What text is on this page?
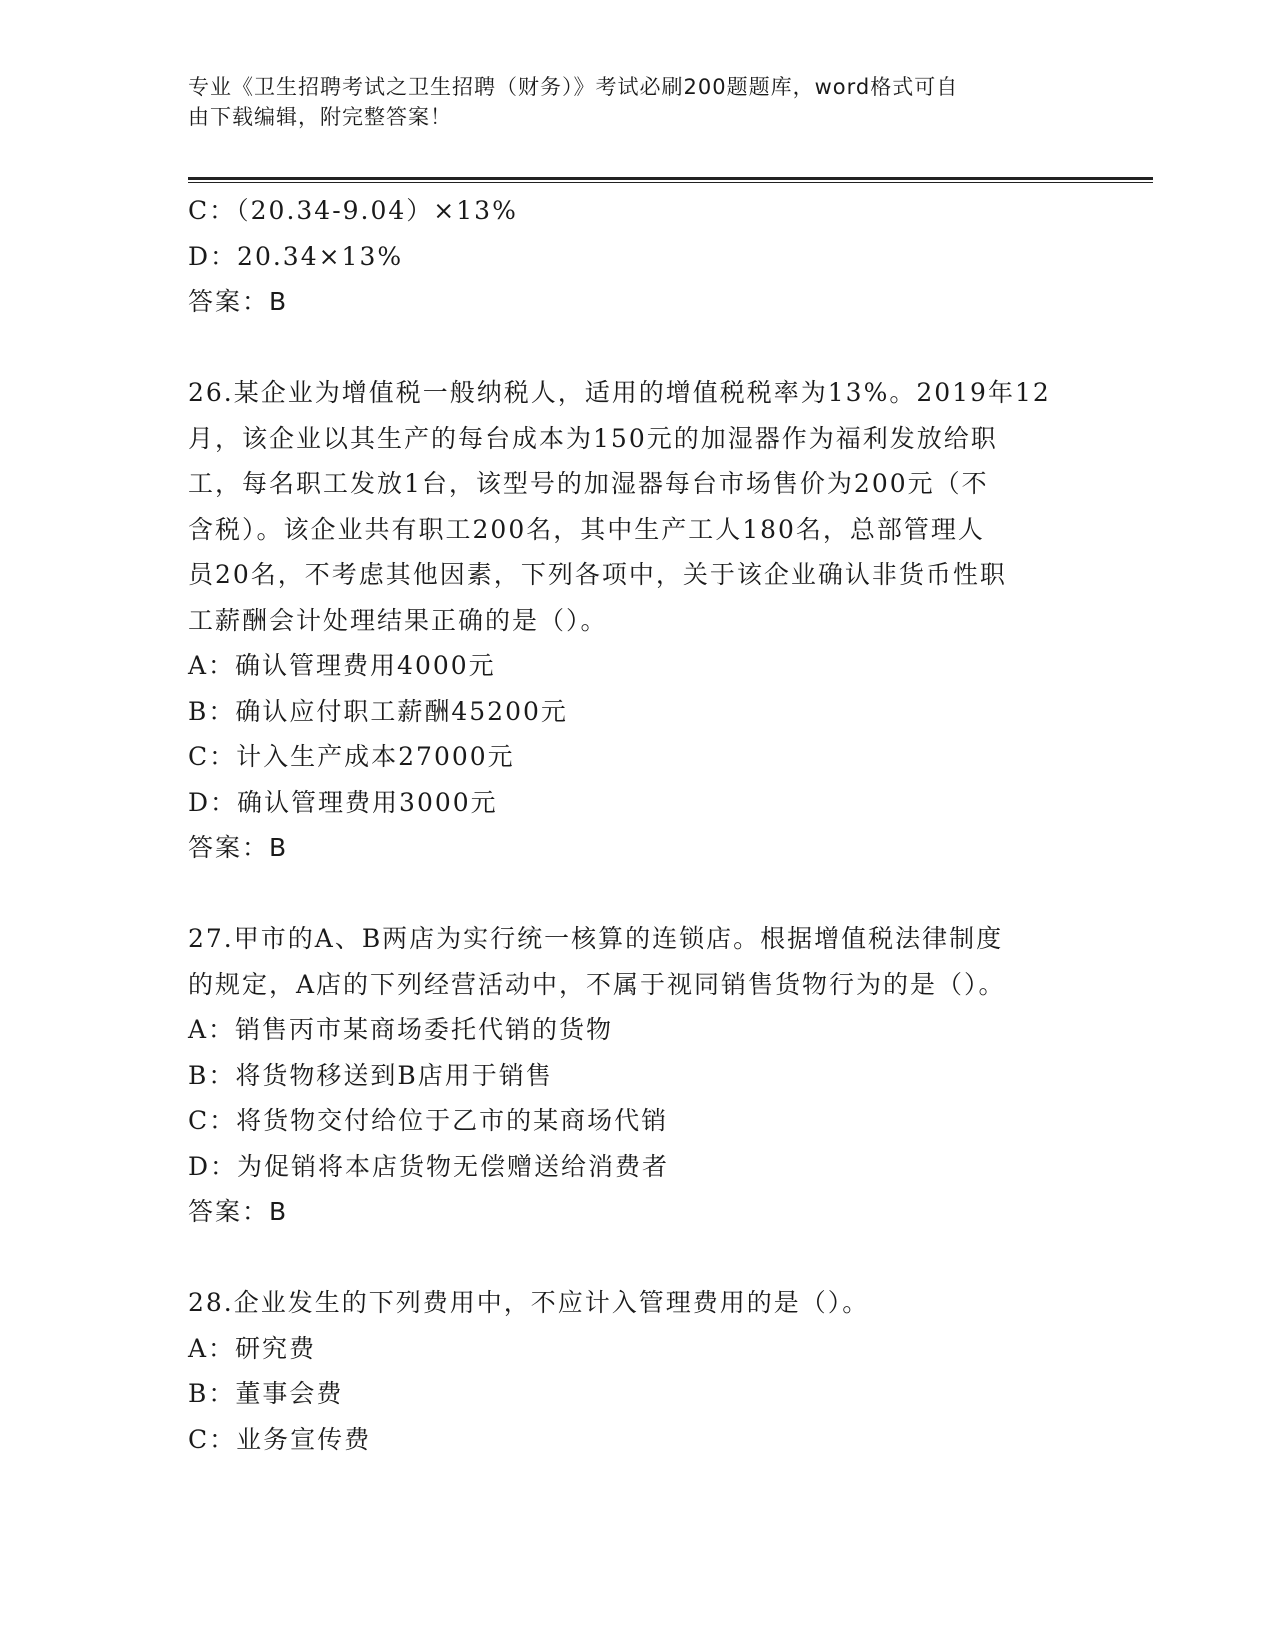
专业《卫生招聘考试之卫生招聘（财务）》考试必刷200题题库，word格式可自
由下载编辑，附完整答案！
C：（20.34-9.04）×13%
D：20.34×13%
答案：B
26.某企业为增值税一般纳税人，适用的增值税税率为13%。2019年12
月，该企业以其生产的每台成本为150元的加湿器作为福利发放给职
工，每名职工发放1台，该型号的加湿器每台市场售价为200元（不
含税）。该企业共有职工200名，其中生产工人180名，总部管理人
员20名，不考虑其他因素，下列各项中，关于该企业确认非货币性职
工薪酬会计处理结果正确的是（）。
A：确认管理费用4000元
B：确认应付职工薪酬45200元
C：计入生产成本27000元
D：确认管理费用3000元
答案：B
27.甲市的A、B两店为实行统一核算的连锁店。根据增值税法律制度
的规定，A店的下列经营活动中，不属于视同销售货物行为的是（）。
A：销售丙市某商场委托代销的货物
B：将货物移送到B店用于销售
C：将货物交付给位于乙市的某商场代销
D：为促销将本店货物无偿赠送给消费者
答案：B
28.企业发生的下列费用中，不应计入管理费用的是（）。
A：研究费
B：董事会费
C：业务宣传费
